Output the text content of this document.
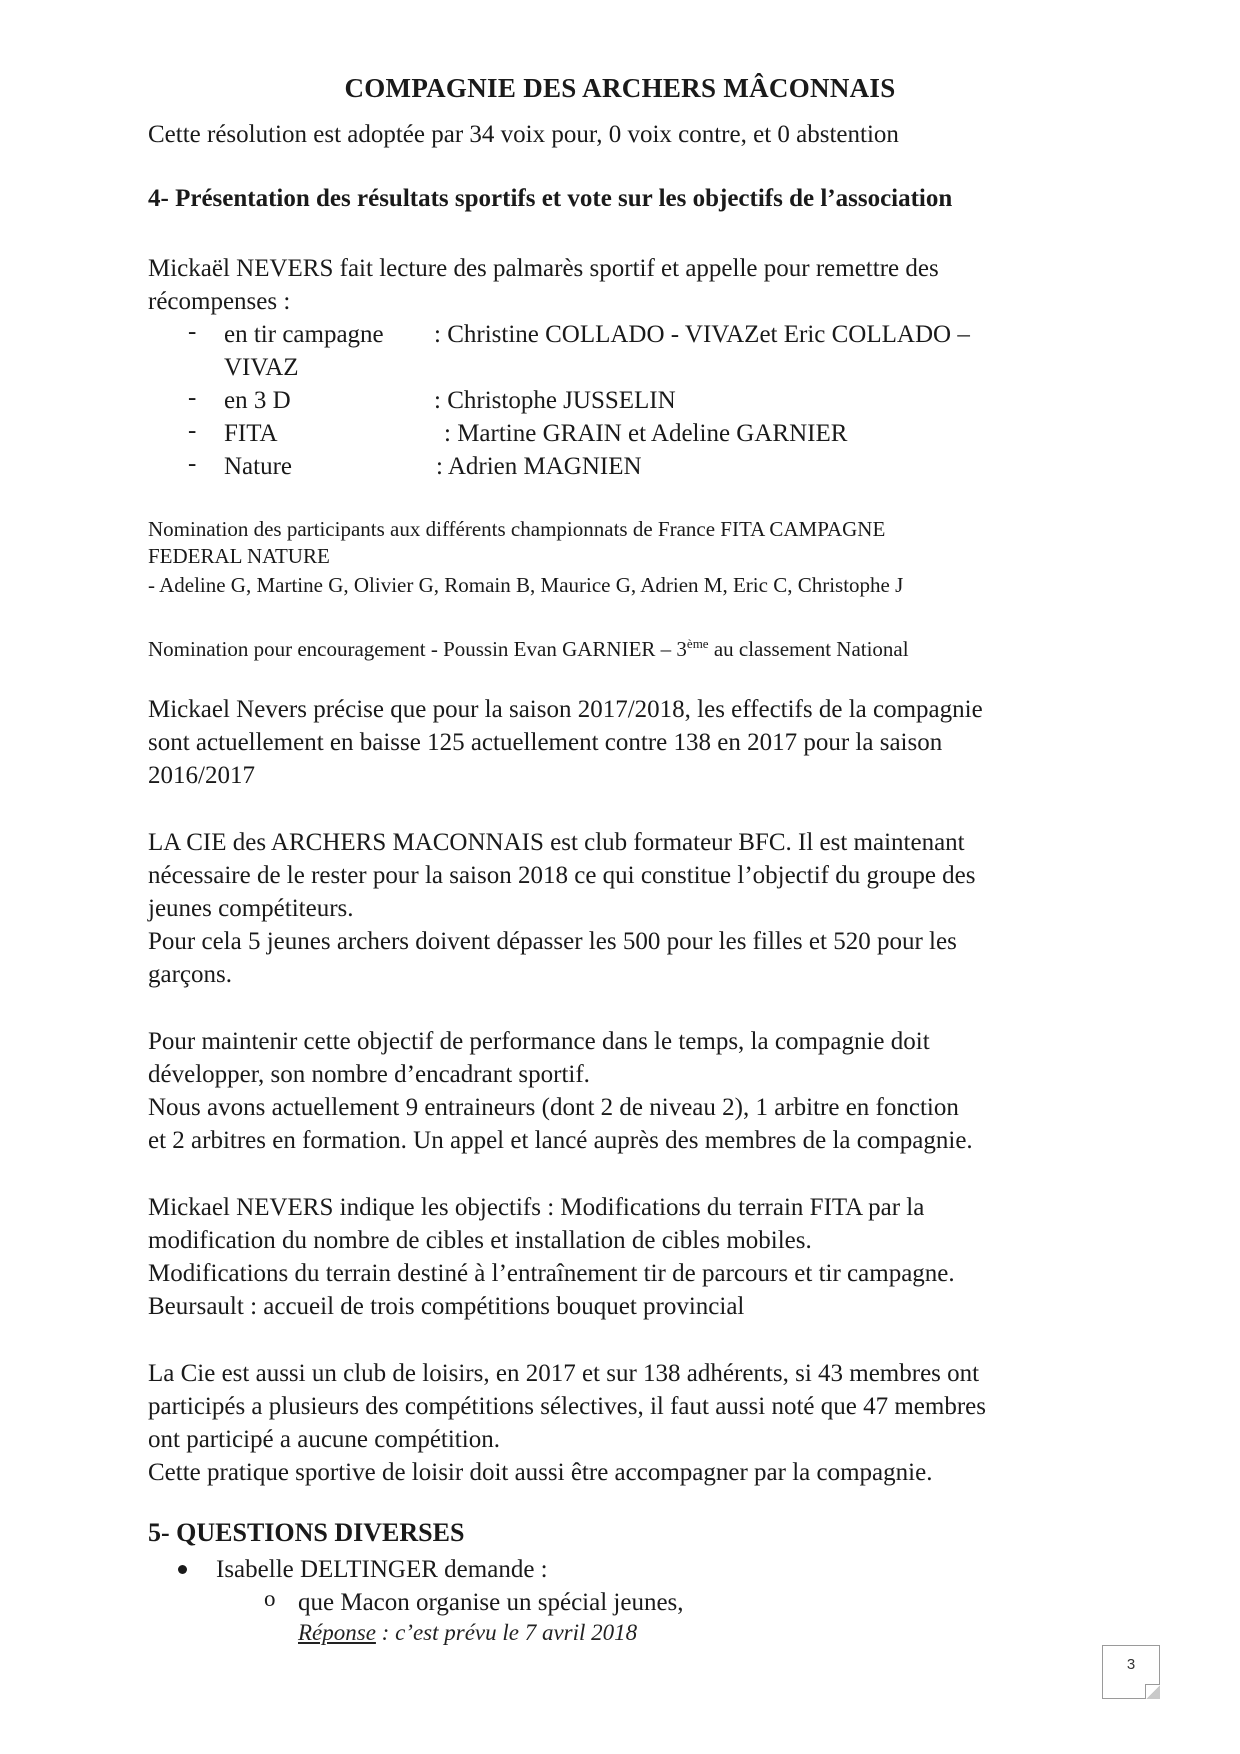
COMPAGNIE DES ARCHERS MÂCONNAIS
Cette résolution est adoptée par 34 voix pour, 0 voix contre, et 0 abstention
4- Présentation des résultats sportifs et vote sur les objectifs de l’association
Mickaël NEVERS fait lecture des palmarès sportif et appelle pour remettre des
récompenses :
- en tir campagne : Christine COLLADO - VIVAZet Eric COLLADO –
VIVAZ
- en 3 D	: Christophe JUSSELIN
- FITA	: Martine GRAIN et Adeline GARNIER
- Nature	: Adrien MAGNIEN
Nomination des participants aux différents championnats de France FITA CAMPAGNE
FEDERAL NATURE
- Adeline G, Martine G, Olivier G, Romain B, Maurice G, Adrien M, Eric C, Christophe J
Nomination pour encouragement - Poussin Evan GARNIER – 3ème au classement National
Mickael Nevers précise que pour la saison 2017/2018, les effectifs de la compagnie
sont actuellement en baisse 125 actuellement contre 138 en 2017 pour la saison
2016/2017
LA CIE des ARCHERS MACONNAIS est club formateur BFC. Il est maintenant
nécessaire de le rester pour la saison 2018 ce qui constitue l’objectif du groupe des
jeunes compétiteurs.
Pour cela 5 jeunes archers doivent dépasser les 500 pour les filles et 520 pour les
garçons.
Pour maintenir cette objectif de performance dans le temps, la compagnie doit
développer, son nombre d’encadrant sportif.
Nous avons actuellement 9 entraineurs (dont 2 de niveau 2), 1 arbitre en fonction
et 2 arbitres en formation. Un appel et lancé auprès des membres de la compagnie.
Mickael NEVERS indique les objectifs : Modifications du terrain FITA par la
modification du nombre de cibles et installation de cibles mobiles.
Modifications du terrain destiné à l’entraînement tir de parcours et tir campagne.
Beursault : accueil de trois compétitions bouquet provincial
La Cie est aussi un club de loisirs, en 2017 et sur 138 adhérents, si 43 membres ont
participés a plusieurs des compétitions sélectives, il faut aussi noté que 47 membres
ont participé a aucune compétition.
Cette pratique sportive de loisir doit aussi être accompagner par la compagnie.
5- QUESTIONS DIVERSES
Isabelle DELTINGER demande :
o que Macon organise un spécial jeunes,
Réponse : c’est prévu le 7 avril 2018
3
